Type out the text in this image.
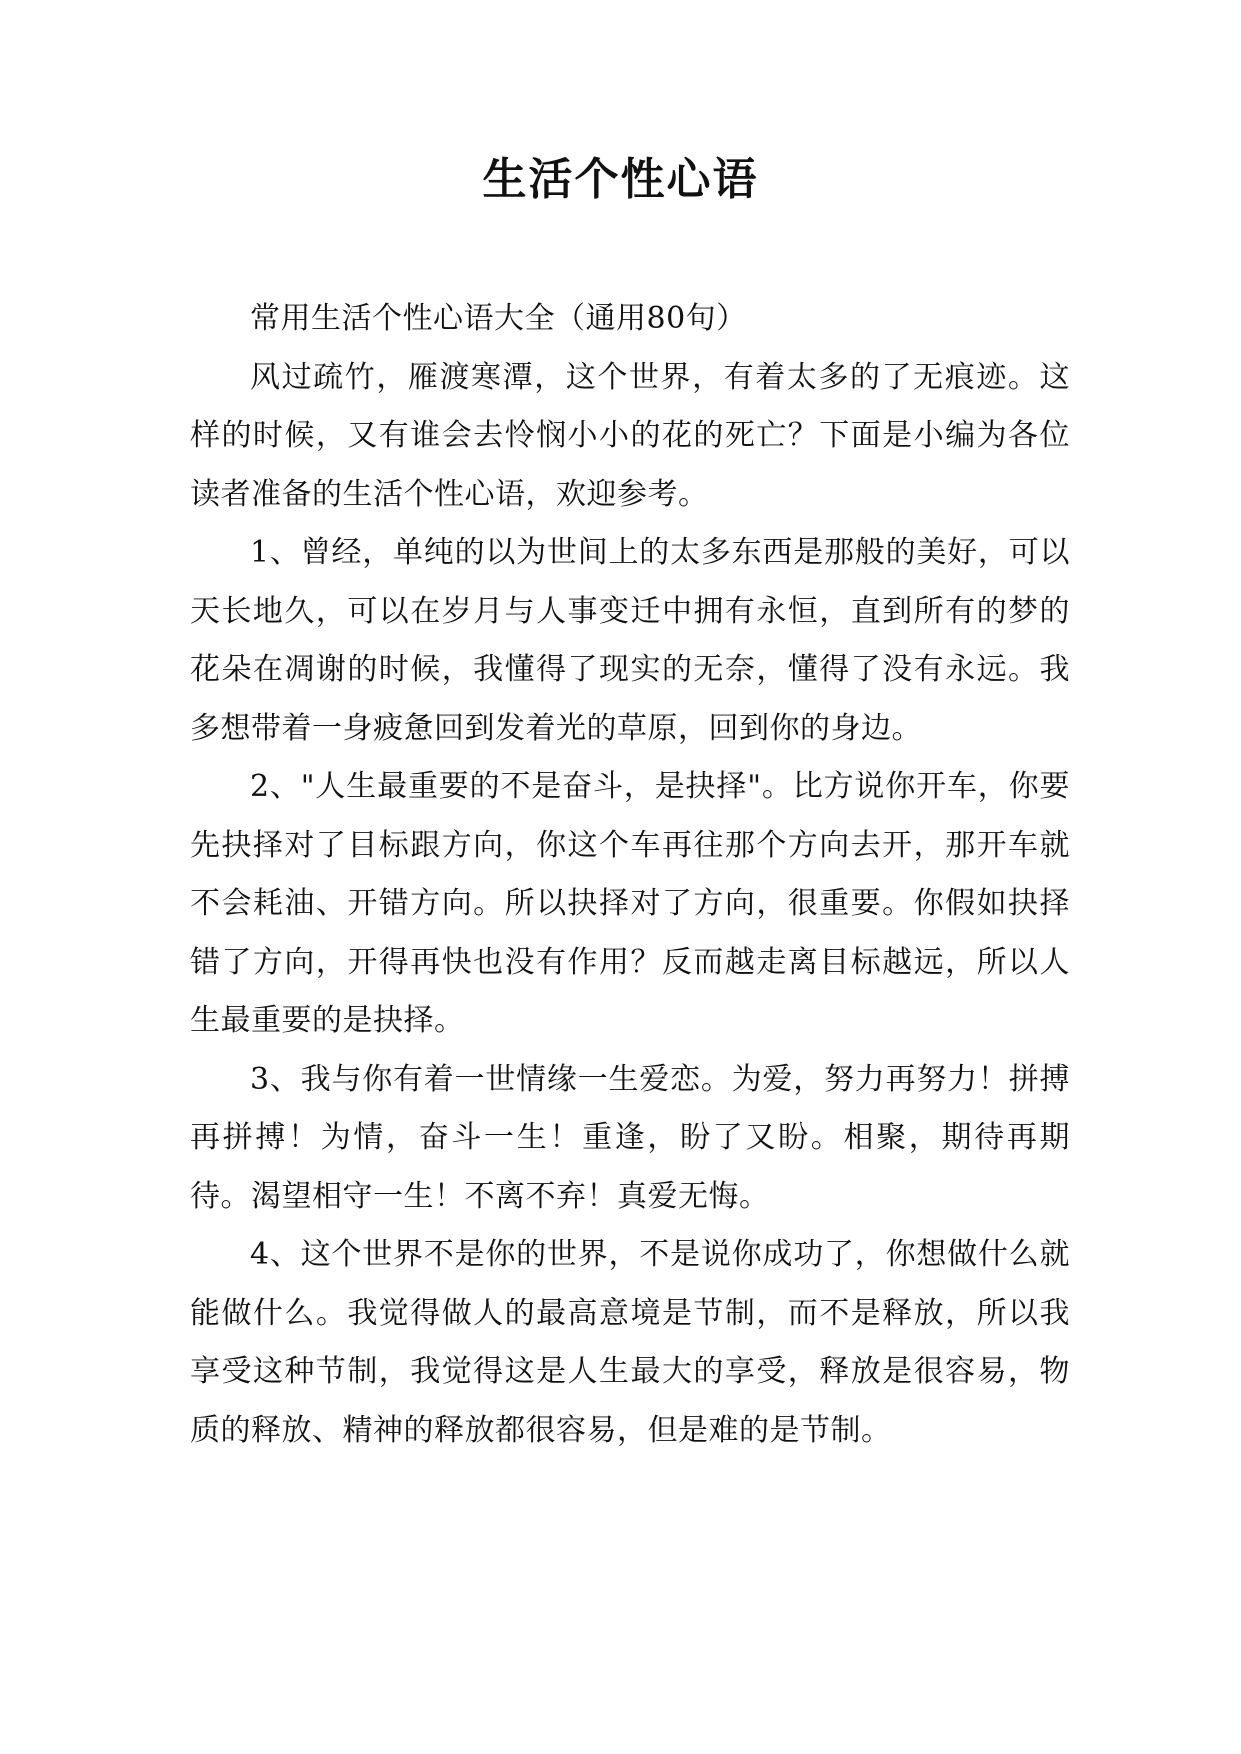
生活个性心语

常用生活个性心语大全（通用80句）

风过疏竹，雁渡寒潭，这个世界，有着太多的了无痕迹。这样的时候，又有谁会去怜悯小小的花的死亡？下面是小编为各位读者准备的生活个性心语，欢迎参考。

1、曾经，单纯的以为世间上的太多东西是那般的美好，可以天长地久，可以在岁月与人事变迁中拥有永恒，直到所有的梦的花朵在凋谢的时候，我懂得了现实的无奈，懂得了没有永远。我多想带着一身疲惫回到发着光的草原，回到你的身边。

2、"人生最重要的不是奋斗，是抉择"。比方说你开车，你要先抉择对了目标跟方向，你这个车再往那个方向去开，那开车就不会耗油、开错方向。所以抉择对了方向，很重要。你假如抉择错了方向，开得再快也没有作用？反而越走离目标越远，所以人生最重要的是抉择。

3、我与你有着一世情缘一生爱恋。为爱，努力再努力！拼搏再拼搏！为情，奋斗一生！重逢，盼了又盼。相聚，期待再期待。渴望相守一生！不离不弃！真爱无悔。

4、这个世界不是你的世界，不是说你成功了，你想做什么就能做什么。我觉得做人的最高意境是节制，而不是释放，所以我享受这种节制，我觉得这是人生最大的享受，释放是很容易，物质的释放、精神的释放都很容易，但是难的是节制。
